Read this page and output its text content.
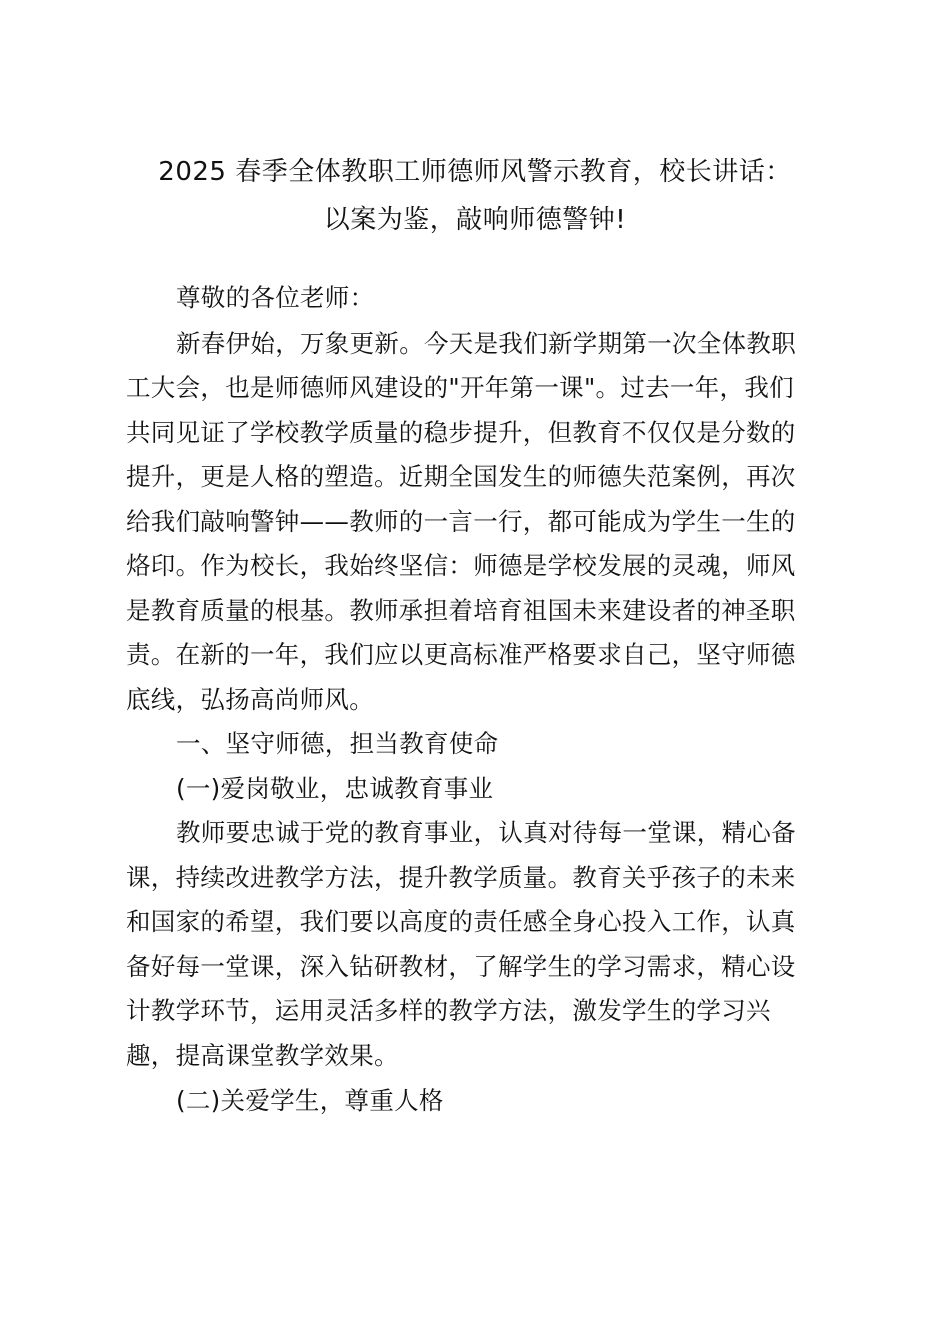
2025 春季全体教职工师德师风警示教育，校长讲话：
以案为鉴，敲响师德警钟!
尊敬的各位老师：
新春伊始，万象更新。今天是我们新学期第一次全体教职
工大会，也是师德师风建设的"开年第一课"。过去一年，我们
共同见证了学校教学质量的稳步提升，但教育不仅仅是分数的
提升，更是人格的塑造。近期全国发生的师德失范案例，再次
给我们敲响警钟——教师的一言一行，都可能成为学生一生的
烙印。作为校长，我始终坚信：师德是学校发展的灵魂，师风
是教育质量的根基。教师承担着培育祖国未来建设者的神圣职
责。在新的一年，我们应以更高标准严格要求自己，坚守师德
底线，弘扬高尚师风。
一、坚守师德，担当教育使命
(一)爱岗敬业，忠诚教育事业
教师要忠诚于党的教育事业，认真对待每一堂课，精心备
课，持续改进教学方法，提升教学质量。教育关乎孩子的未来
和国家的希望，我们要以高度的责任感全身心投入工作，认真
备好每一堂课，深入钻研教材，了解学生的学习需求，精心设
计教学环节，运用灵活多样的教学方法，激发学生的学习兴
趣，提高课堂教学效果。
(二)关爱学生，尊重人格
